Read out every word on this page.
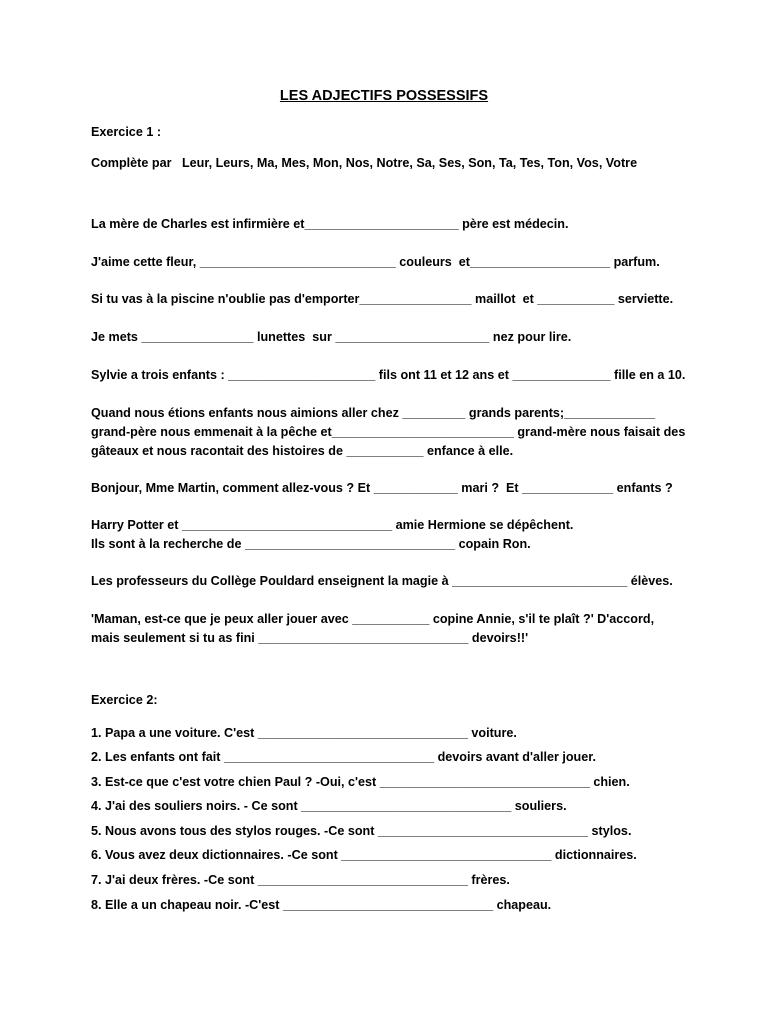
LES ADJECTIFS POSSESSIFS
Exercice 1 :
Complète par   Leur, Leurs, Ma, Mes, Mon, Nos, Notre, Sa, Ses, Son, Ta, Tes, Ton, Vos, Votre
La mère de Charles est infirmière et______________________ père est médecin.
J'aime cette fleur, ____________________________ couleurs  et____________________ parfum.
Si tu vas à la piscine n'oublie pas d'emporter________________ maillot  et ___________ serviette.
Je mets ________________ lunettes  sur ______________________ nez pour lire.
Sylvie a trois enfants : _____________________ fils ont 11 et 12 ans et ______________ fille en a 10.
Quand nous étions enfants nous aimions aller chez _________ grands parents;_____________
grand-père nous emmenait à la pêche et__________________________ grand-mère nous faisait des
gâteaux et nous racontait des histoires de ___________ enfance à elle.
Bonjour, Mme Martin, comment allez-vous ? Et ____________ mari ?  Et _____________ enfants ?
Harry Potter et ______________________________ amie Hermione se dépêchent.
Ils sont à la recherche de ______________________________ copain Ron.
Les professeurs du Collège Pouldard enseignent la magie à _________________________ élèves.
'Maman, est-ce que je peux aller jouer avec ___________ copine Annie, s'il te plaît ?' D'accord,
mais seulement si tu as fini ______________________________ devoirs!!'
Exercice 2:
1. Papa a une voiture. C'est ______________________________ voiture.
2. Les enfants ont fait ______________________________ devoirs avant d'aller jouer.
3. Est-ce que c'est votre chien Paul ? -Oui, c'est ______________________________ chien.
4. J'ai des souliers noirs. - Ce sont ______________________________ souliers.
5. Nous avons tous des stylos rouges. -Ce sont ______________________________ stylos.
6. Vous avez deux dictionnaires. -Ce sont ______________________________ dictionnaires.
7. J'ai deux frères. -Ce sont ______________________________ frères.
8. Elle a un chapeau noir. -C'est ______________________________ chapeau.
